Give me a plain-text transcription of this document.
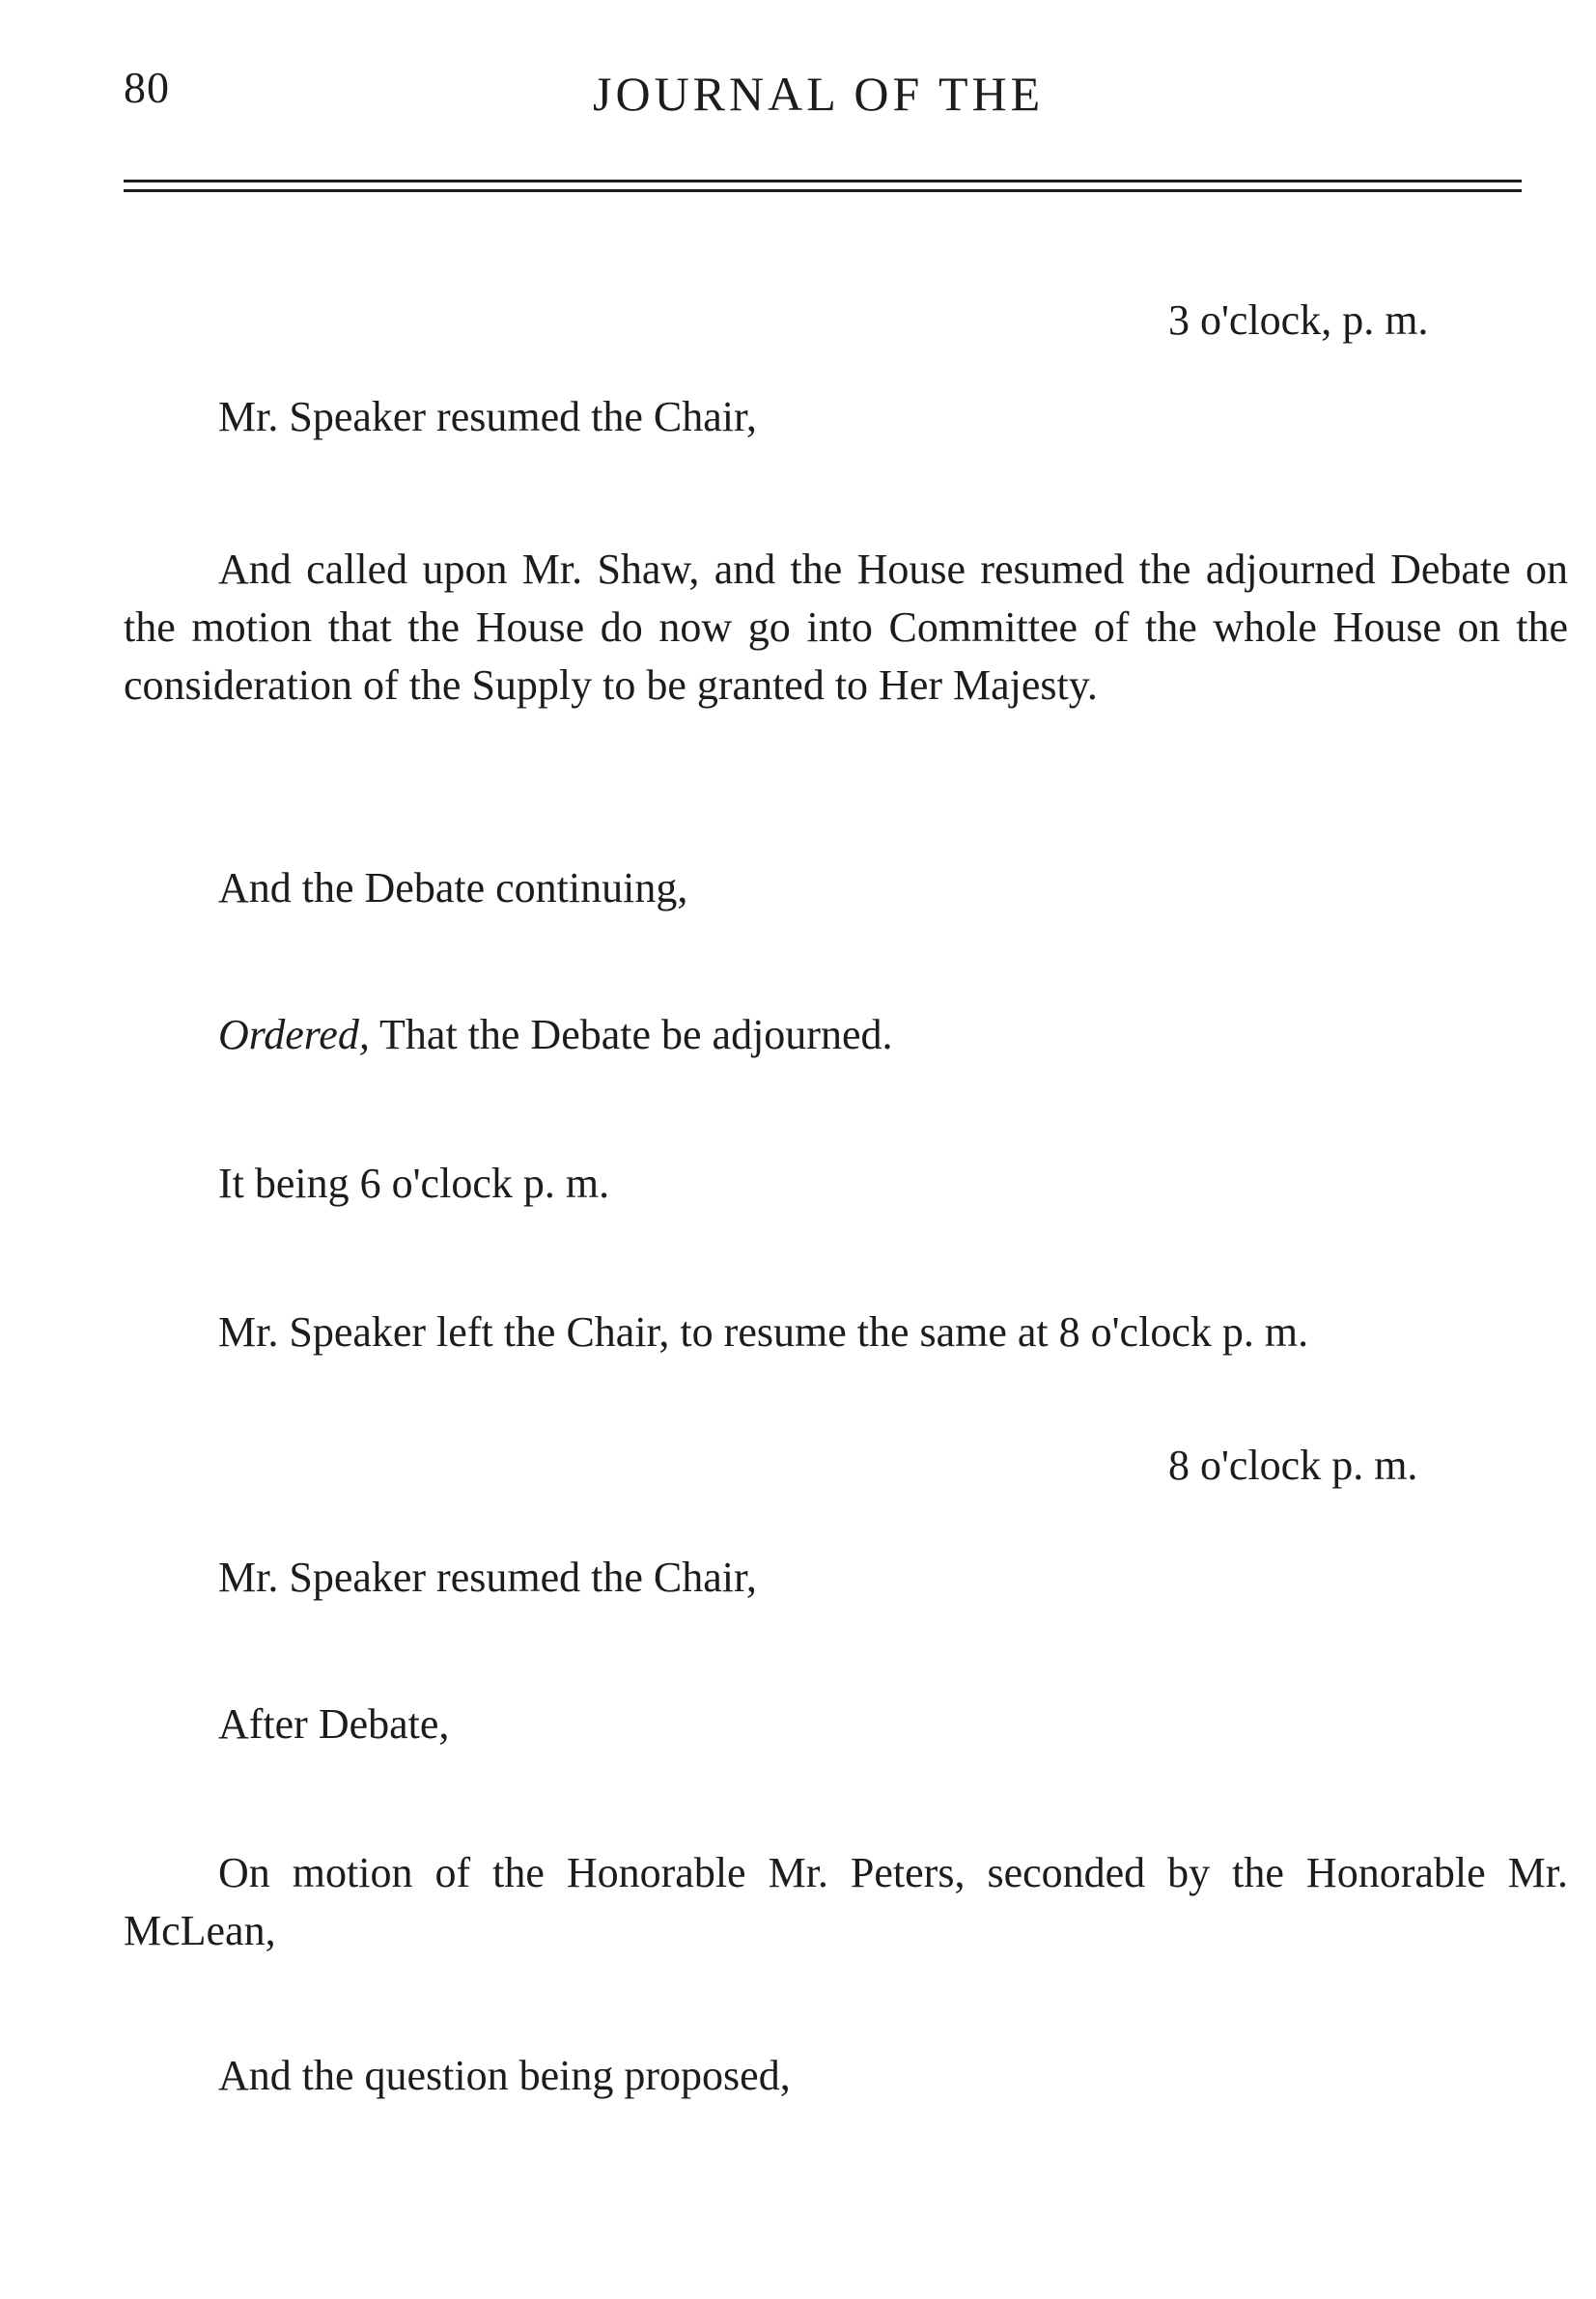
80	JOURNAL OF THE
3 o'clock, p. m.
Mr. Speaker resumed the Chair,
And called upon Mr. Shaw, and the House resumed the adjourned Debate on the motion that the House do now go into Committee of the whole House on the consideration of the Supply to be granted to Her Majesty.
And the Debate continuing,
Ordered, That the Debate be adjourned.
It being 6 o'clock p. m.
Mr. Speaker left the Chair, to resume the same at 8 o'clock p. m.
8 o'clock p. m.
Mr. Speaker resumed the Chair,
After Debate,
On motion of the Honorable Mr. Peters, seconded by the Honorable Mr. McLean,
And the question being proposed,
